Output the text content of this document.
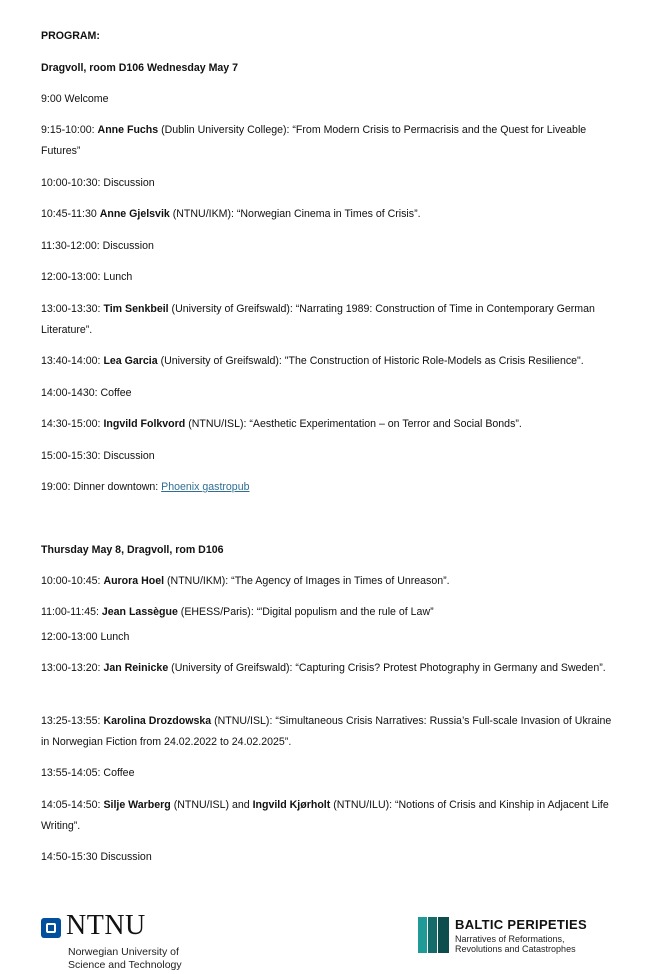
PROGRAM:
Dragvoll, room D106 Wednesday May 7
9:00 Welcome
9:15-10:00: Anne Fuchs (Dublin University College): “From Modern Crisis to Permacrisis and the Quest for Liveable Futures”
10:00-10:30: Discussion
10:45-11:30 Anne Gjelsvik (NTNU/IKM): “Norwegian Cinema in Times of Crisis”.
11:30-12:00: Discussion
12:00-13:00: Lunch
13:00-13:30: Tim Senkbeil (University of Greifswald): “Narrating 1989: Construction of Time in Contemporary German Literature”.
13:40-14:00: Lea Garcia (University of Greifswald): "The Construction of Historic Role-Models as Crisis Resilience".
14:00-1430: Coffee
14:30-15:00: Ingvild Folkvord (NTNU/ISL): “Aesthetic Experimentation – on Terror and Social Bonds”.
15:00-15:30: Discussion
19:00: Dinner downtown: Phoenix gastropub
Thursday May 8, Dragvoll, rom D106
10:00-10:45: Aurora Hoel (NTNU/IKM): “The Agency of Images in Times of Unreason”.
11:00-11:45: Jean Lassègue (EHESS/Paris): “'Digital populism and the rule of Law”
12:00-13:00 Lunch
13:00-13:20: Jan Reinicke (University of Greifswald): “Capturing Crisis? Protest Photography in Germany and Sweden”.
13:25-13:55: Karolina Drozdowska (NTNU/ISL): “Simultaneous Crisis Narratives: Russia’s Full-scale Invasion of Ukraine in Norwegian Fiction from 24.02.2022 to 24.02.2025”.
13:55-14:05: Coffee
14:05-14:50: Silje Warberg (NTNU/ISL) and Ingvild Kjørholt (NTNU/ILU): “Notions of Crisis and Kinship in Adjacent Life Writing”.
14:50-15:30 Discussion
NTNU
Norwegian University of
Science and Technology
BALTIC PERIPETIES
Narratives of Reformations,
Revolutions and Catastrophes
